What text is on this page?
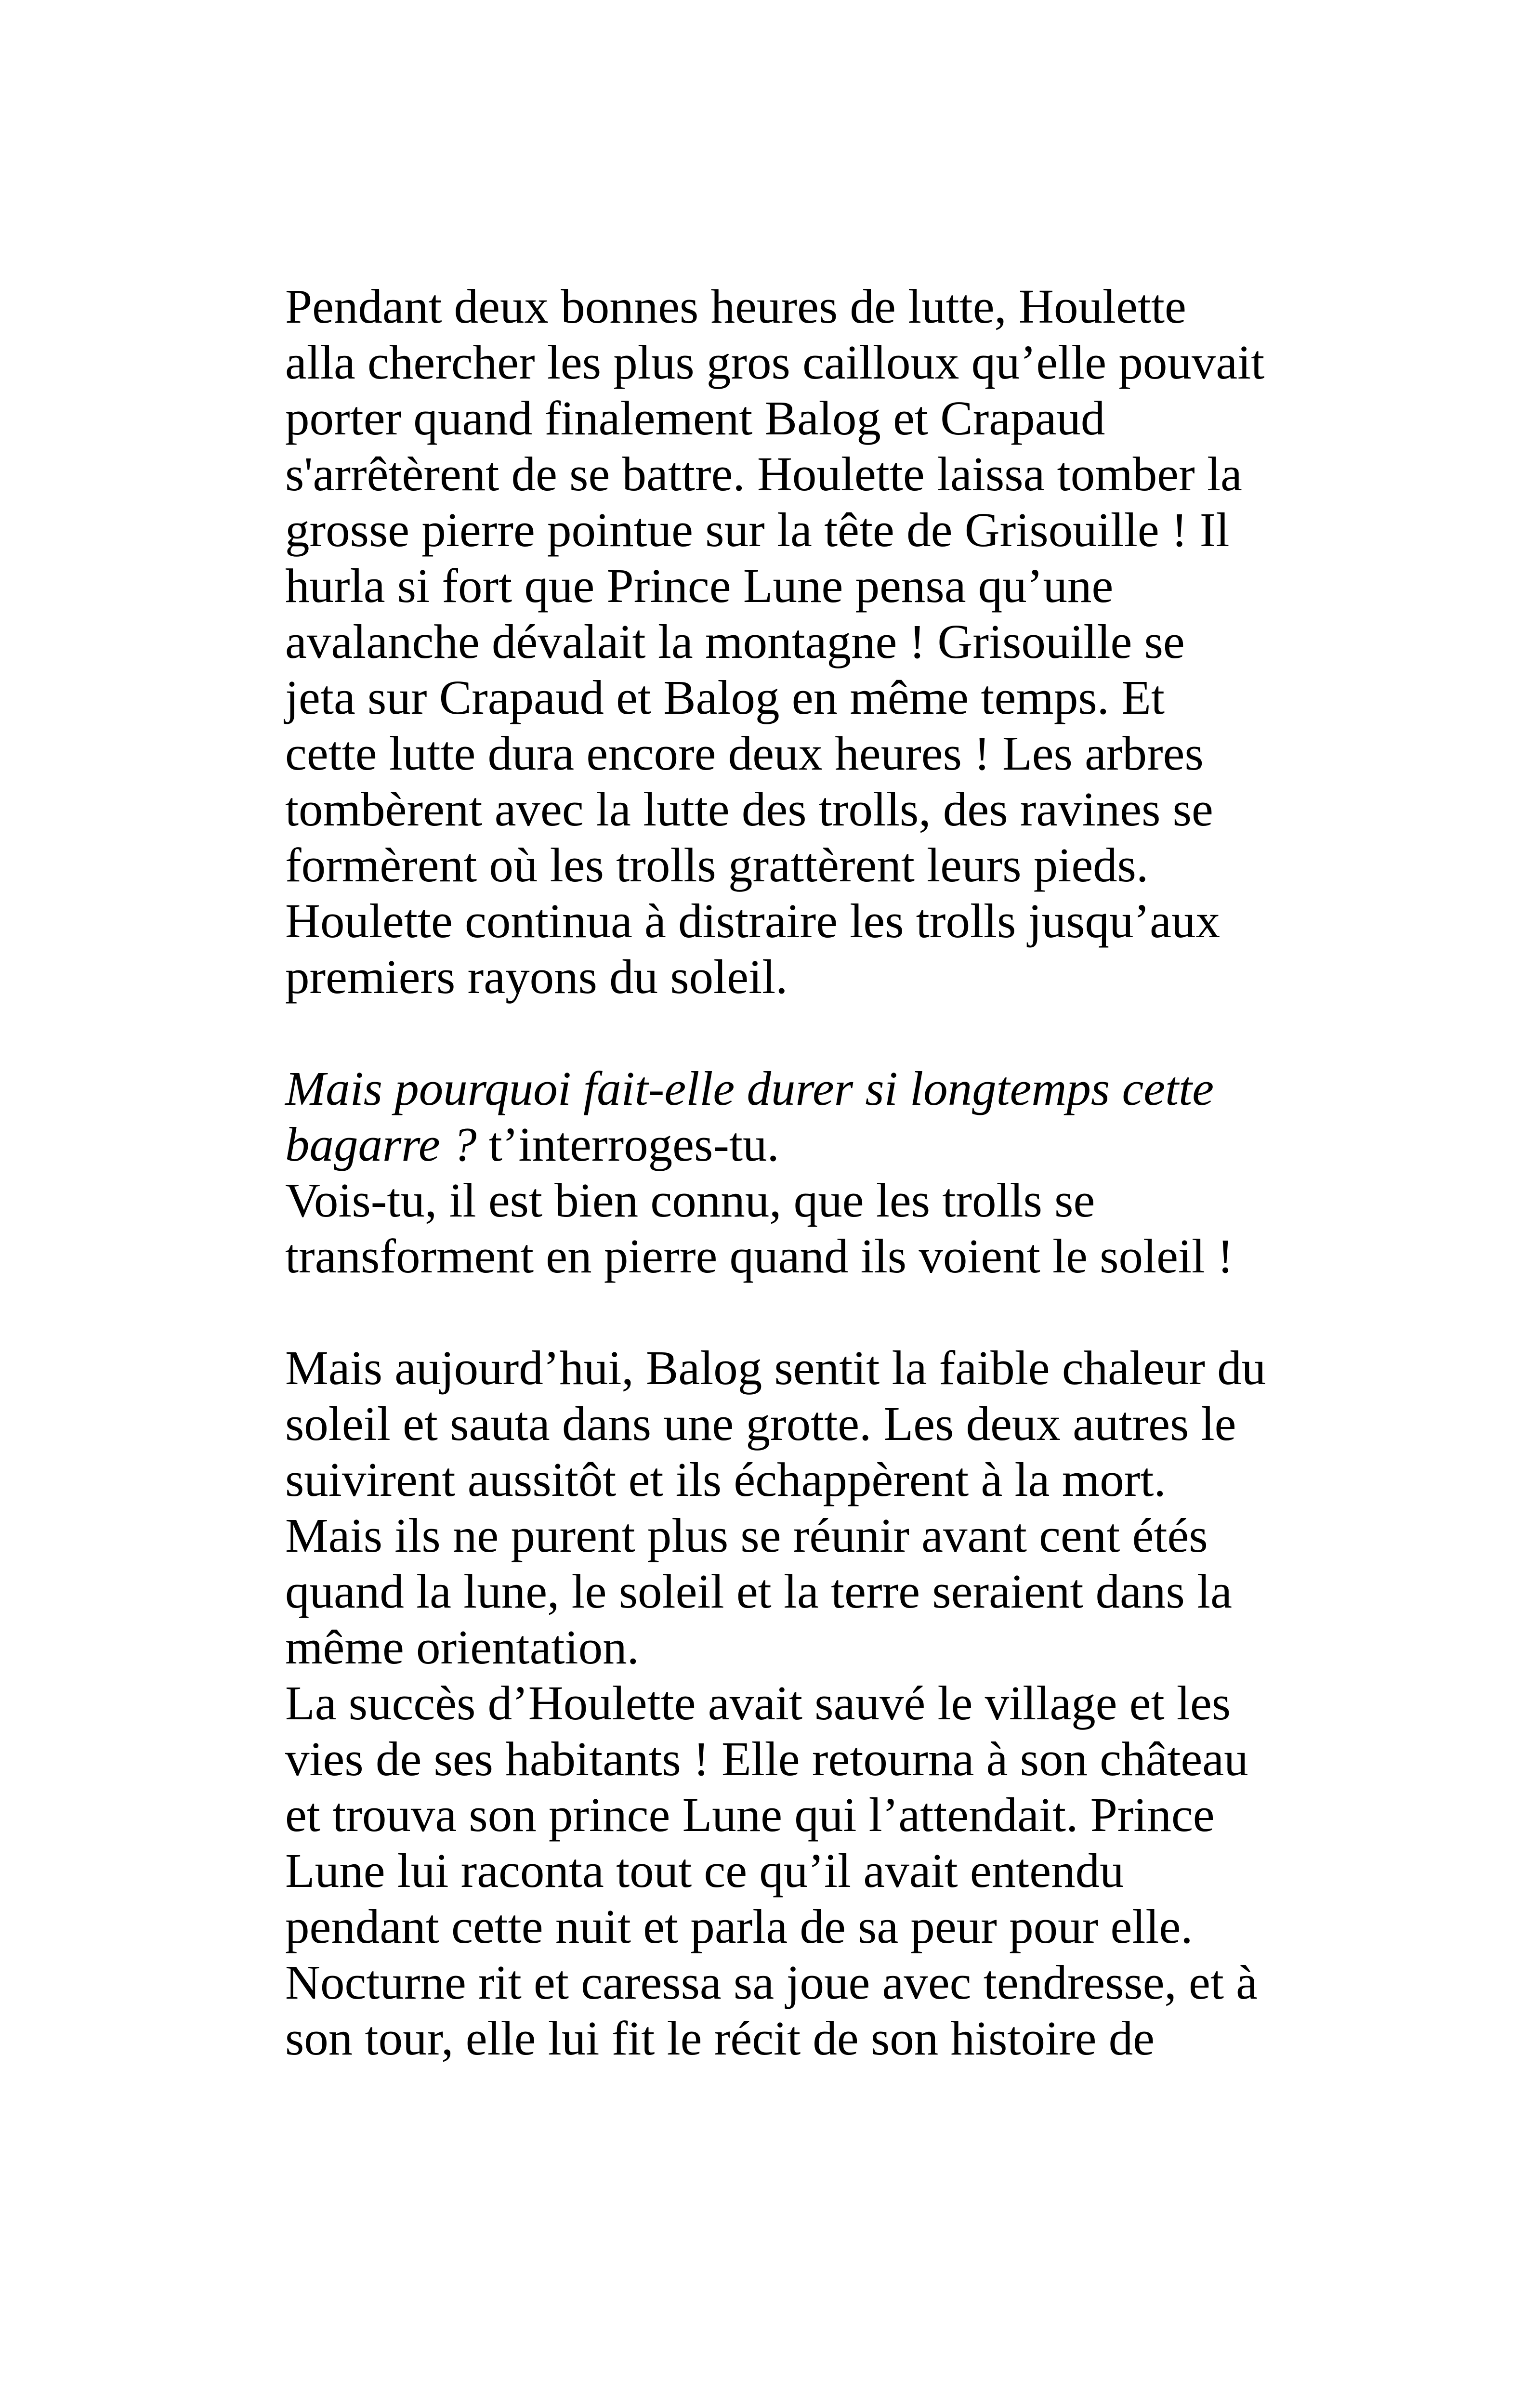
Pendant deux bonnes heures de lutte, Houlette
alla chercher les plus gros cailloux qu’elle pouvait
porter quand finalement Balog et Crapaud
s'arrêtèrent de se battre. Houlette laissa tomber la
grosse pierre pointue sur la tête de Grisouille ! Il
hurla si fort que Prince Lune pensa qu’une
avalanche dévalait la montagne ! Grisouille se
jeta sur Crapaud et Balog en même temps. Et
cette lutte dura encore deux heures ! Les arbres
tombèrent avec la lutte des trolls, des ravines se
formèrent où les trolls grattèrent leurs pieds.
Houlette continua à distraire les trolls jusqu’aux
premiers rayons du soleil.
Mais pourquoi fait-elle durer si longtemps cette
bagarre ? t’interroges-tu.
Vois-tu, il est bien connu, que les trolls se
transforment en pierre quand ils voient le soleil !
Mais aujourd’hui, Balog sentit la faible chaleur du
soleil et sauta dans une grotte. Les deux autres le
suivirent aussitôt et ils échappèrent à la mort.
Mais ils ne purent plus se réunir avant cent étés
quand la lune, le soleil et la terre seraient dans la
même orientation.
La succès d’Houlette avait sauvé le village et les
vies de ses habitants ! Elle retourna à son château
et trouva son prince Lune qui l’attendait. Prince
Lune lui raconta tout ce qu’il avait entendu
pendant cette nuit et parla de sa peur pour elle.
Nocturne rit et caressa sa joue avec tendresse, et à
son tour, elle lui fit le récit de son histoire de
